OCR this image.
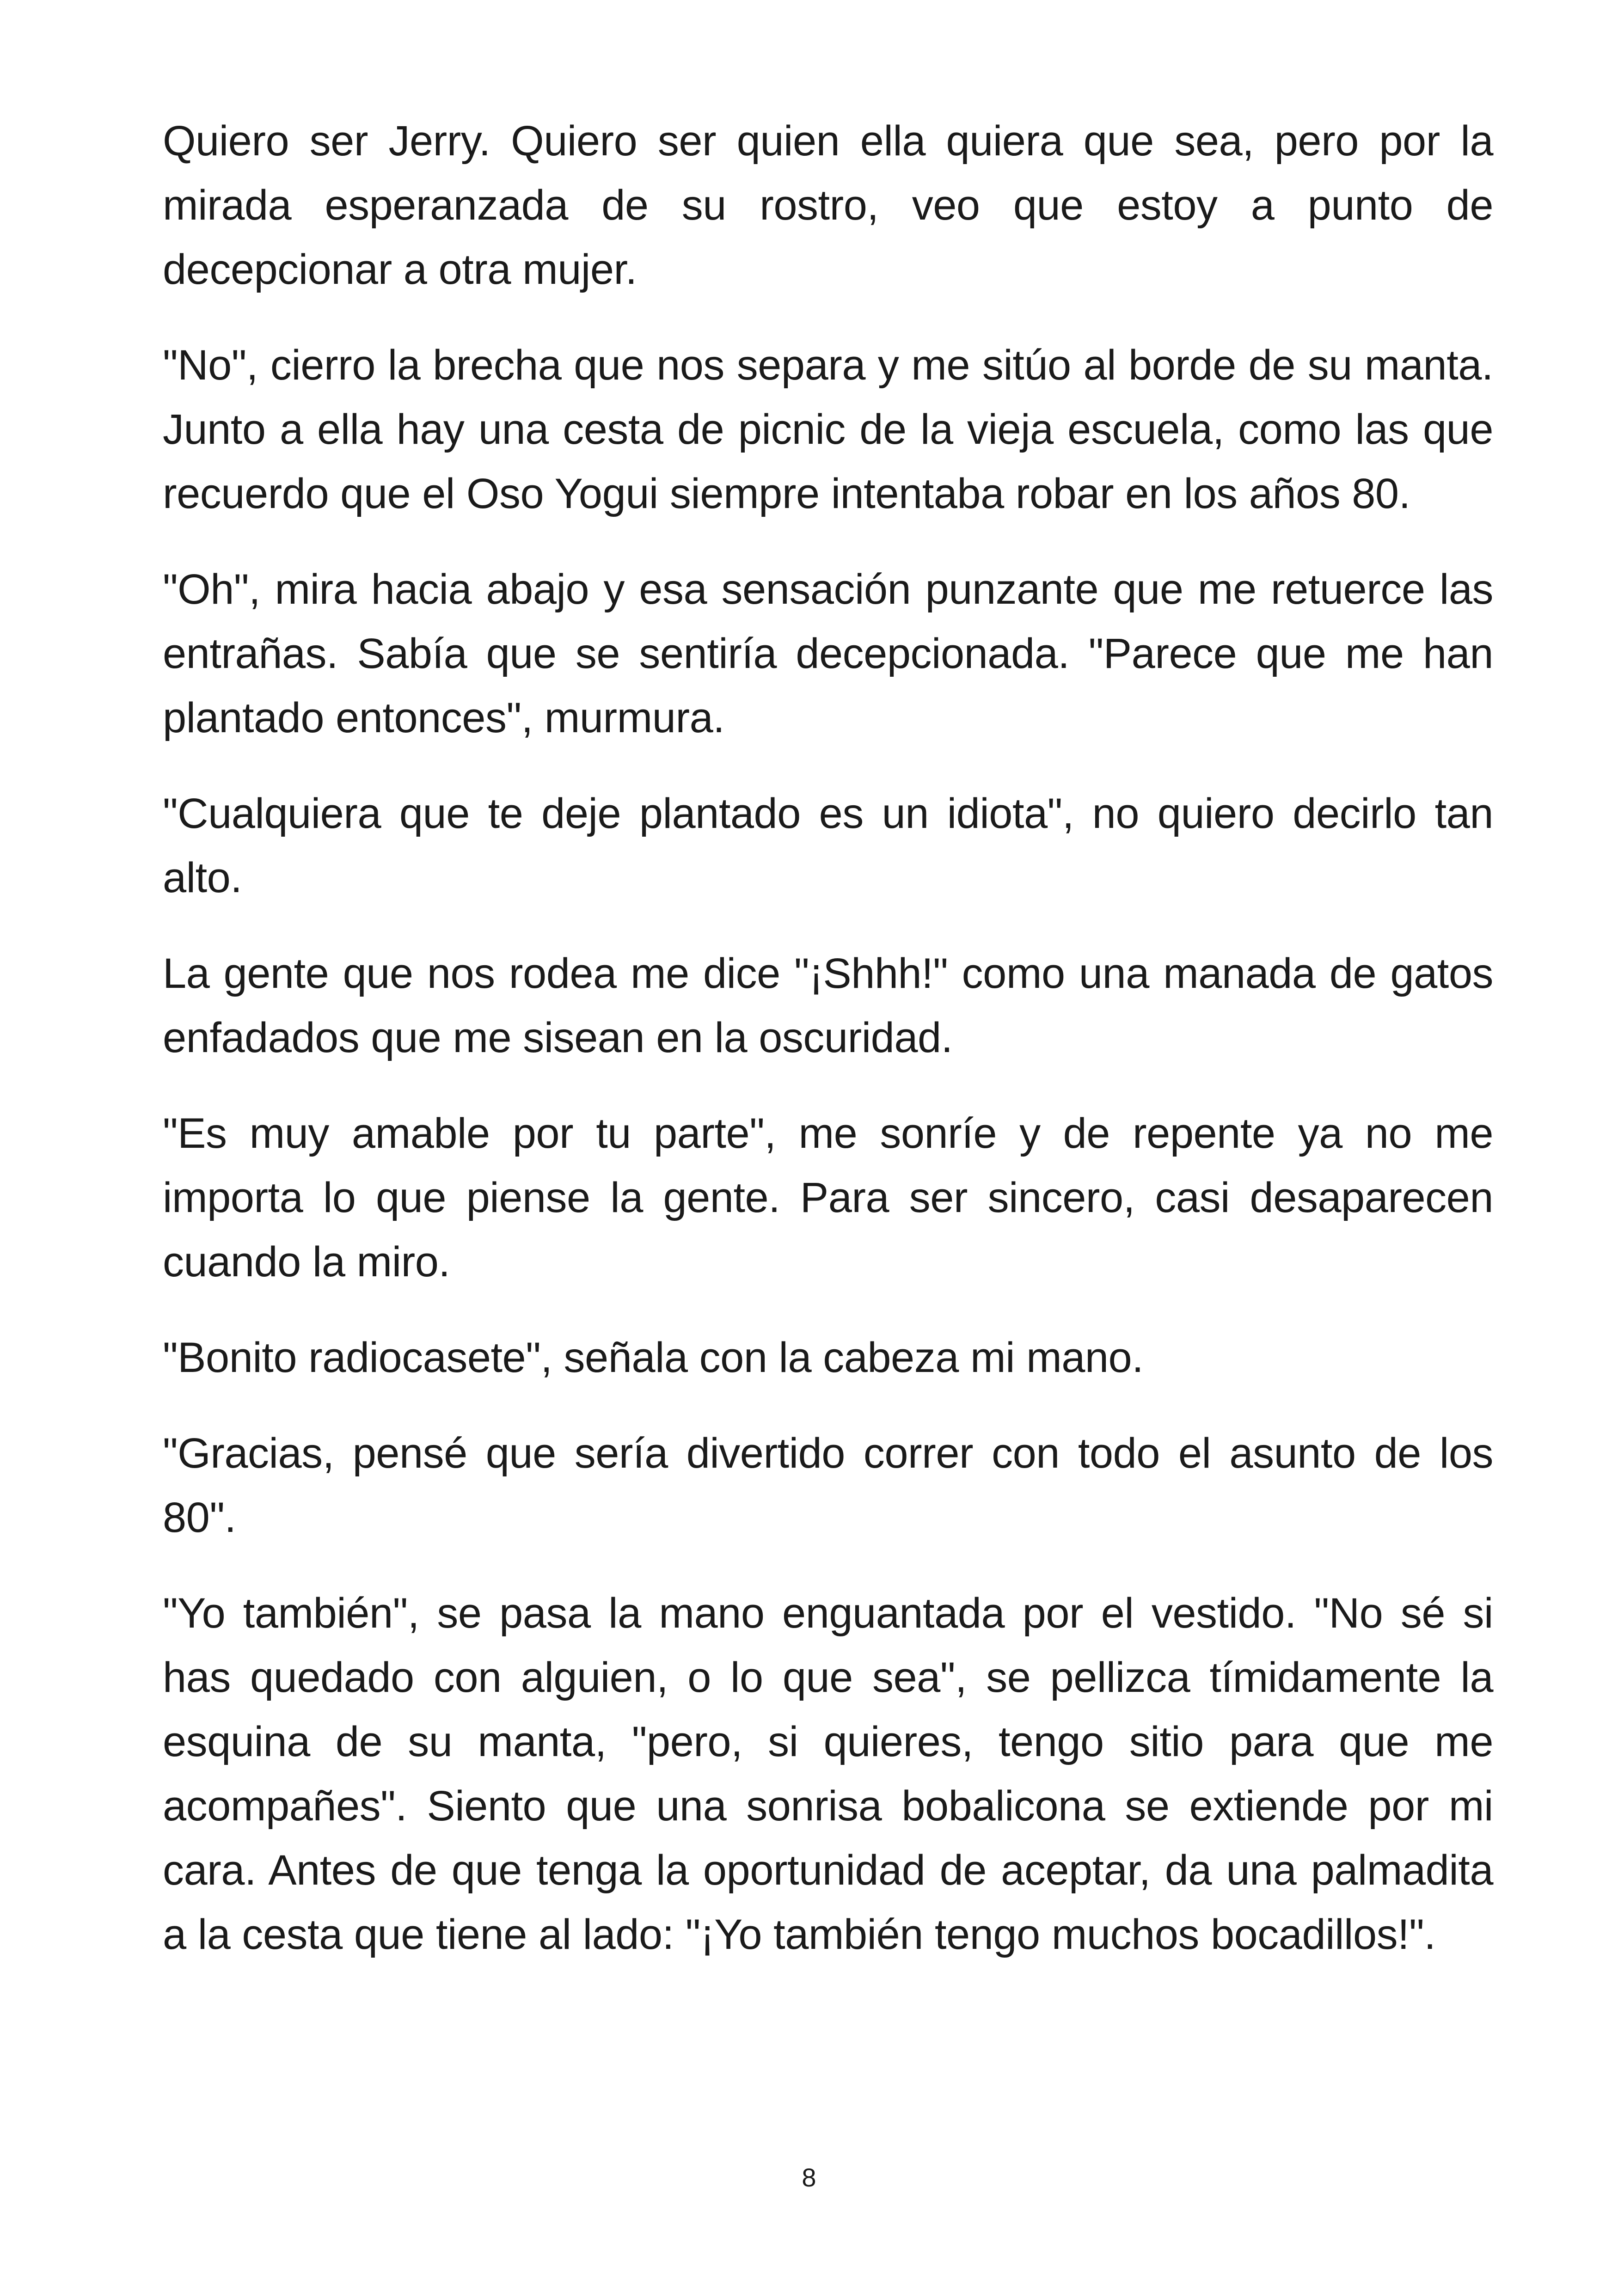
Quiero ser Jerry. Quiero ser quien ella quiera que sea, pero por la mirada esperanzada de su rostro, veo que estoy a punto de decepcionar a otra mujer.

"No", cierro la brecha que nos separa y me sitúo al borde de su manta. Junto a ella hay una cesta de picnic de la vieja escuela, como las que recuerdo que el Oso Yogui siempre intentaba robar en los años 80.

"Oh", mira hacia abajo y esa sensación punzante que me retuerce las entrañas. Sabía que se sentiría decepcionada. "Parece que me han plantado entonces", murmura.

"Cualquiera que te deje plantado es un idiota", no quiero decirlo tan alto.

La gente que nos rodea me dice "¡Shhh!" como una manada de gatos enfadados que me sisean en la oscuridad.

"Es muy amable por tu parte", me sonríe y de repente ya no me importa lo que piense la gente. Para ser sincero, casi desaparecen cuando la miro.

"Bonito radiocasete", señala con la cabeza mi mano.

"Gracias, pensé que sería divertido correr con todo el asunto de los 80".

"Yo también", se pasa la mano enguantada por el vestido. "No sé si has quedado con alguien, o lo que sea", se pellizca tímidamente la esquina de su manta, "pero, si quieres, tengo sitio para que me acompañes". Siento que una sonrisa bobalicona se extiende por mi cara. Antes de que tenga la oportunidad de aceptar, da una palmadita a la cesta que tiene al lado: "¡Yo también tengo muchos bocadillos!".

8
